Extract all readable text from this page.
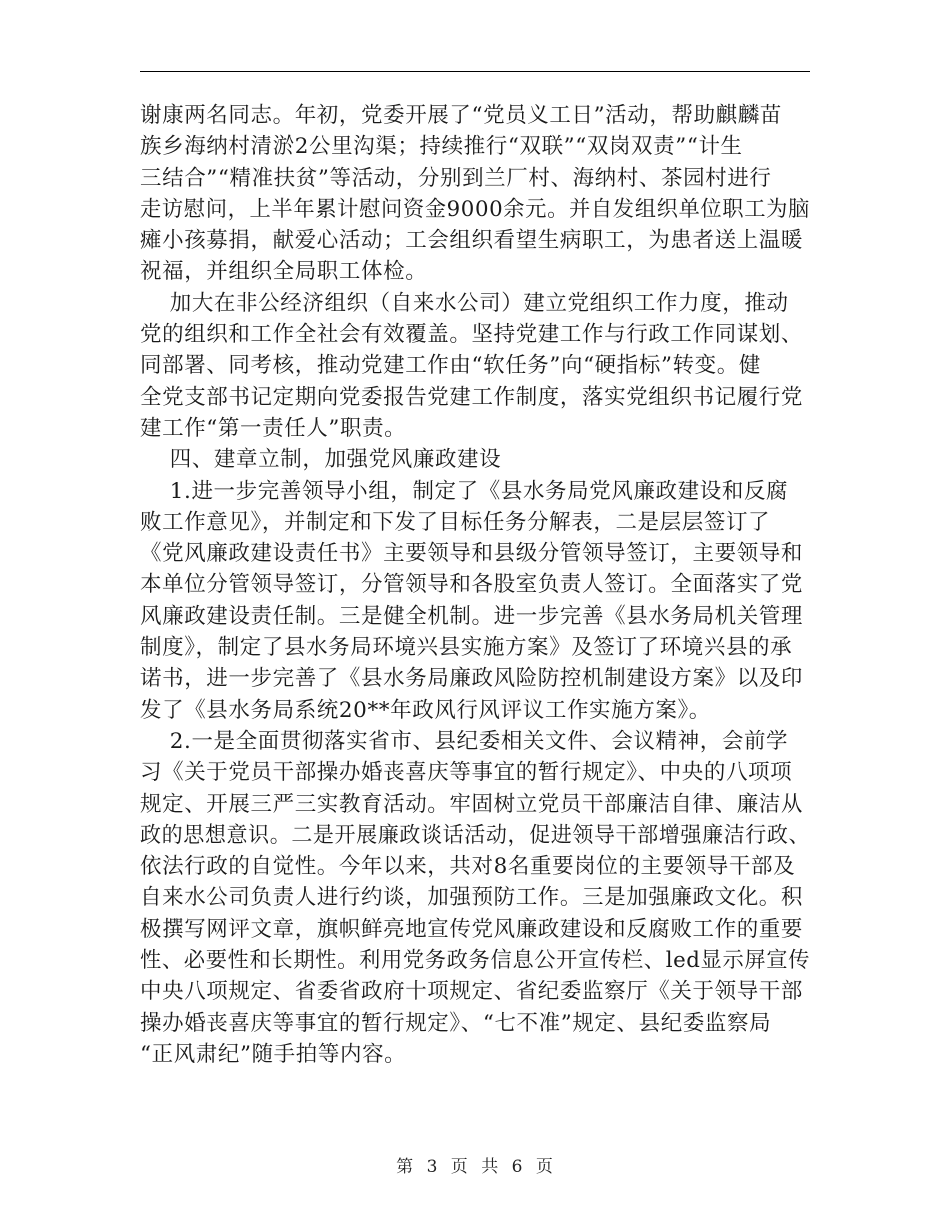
谢康两名同志。年初，党委开展了“党员义工日”活动，帮助麒麟苗
族乡海纳村清淤2公里沟渠；持续推行“双联”“双岗双责”“计生
三结合”“精准扶贫”等活动，分别到兰厂村、海纳村、茶园村进行
走访慰问，上半年累计慰问资金9000余元。并自发组织单位职工为脑
瘫小孩募捐，献爱心活动；工会组织看望生病职工，为患者送上温暖
祝福，并组织全局职工体检。
加大在非公经济组织（自来水公司）建立党组织工作力度，推动
党的组织和工作全社会有效覆盖。坚持党建工作与行政工作同谋划、
同部署、同考核，推动党建工作由“软任务”向“硬指标”转变。健
全党支部书记定期向党委报告党建工作制度，落实党组织书记履行党
建工作“第一责任人”职责。
四、建章立制，加强党风廉政建设
1.进一步完善领导小组，制定了《县水务局党风廉政建设和反腐
败工作意见》，并制定和下发了目标任务分解表，二是层层签订了
《党风廉政建设责任书》主要领导和县级分管领导签订，主要领导和
本单位分管领导签订，分管领导和各股室负责人签订。全面落实了党
风廉政建设责任制。三是健全机制。进一步完善《县水务局机关管理
制度》，制定了县水务局环境兴县实施方案》及签订了环境兴县的承
诺书，进一步完善了《县水务局廉政风险防控机制建设方案》以及印
发了《县水务局系统20**年政风行风评议工作实施方案》。
2.一是全面贯彻落实省市、县纪委相关文件、会议精神，会前学
习《关于党员干部操办婚丧喜庆等事宜的暂行规定》、中央的八项项
规定、开展三严三实教育活动。牢固树立党员干部廉洁自律、廉洁从
政的思想意识。二是开展廉政谈话活动，促进领导干部增强廉洁行政、
依法行政的自觉性。今年以来，共对8名重要岗位的主要领导干部及
自来水公司负责人进行约谈，加强预防工作。三是加强廉政文化。积
极撰写网评文章，旗帜鲜亮地宣传党风廉政建设和反腐败工作的重要
性、必要性和长期性。利用党务政务信息公开宣传栏、led显示屏宣传
中央八项规定、省委省政府十项规定、省纪委监察厅《关于领导干部
操办婚丧喜庆等事宜的暂行规定》、“七不准”规定、县纪委监察局
“正风肃纪”随手拍等内容。
第 3 页 共 6 页
